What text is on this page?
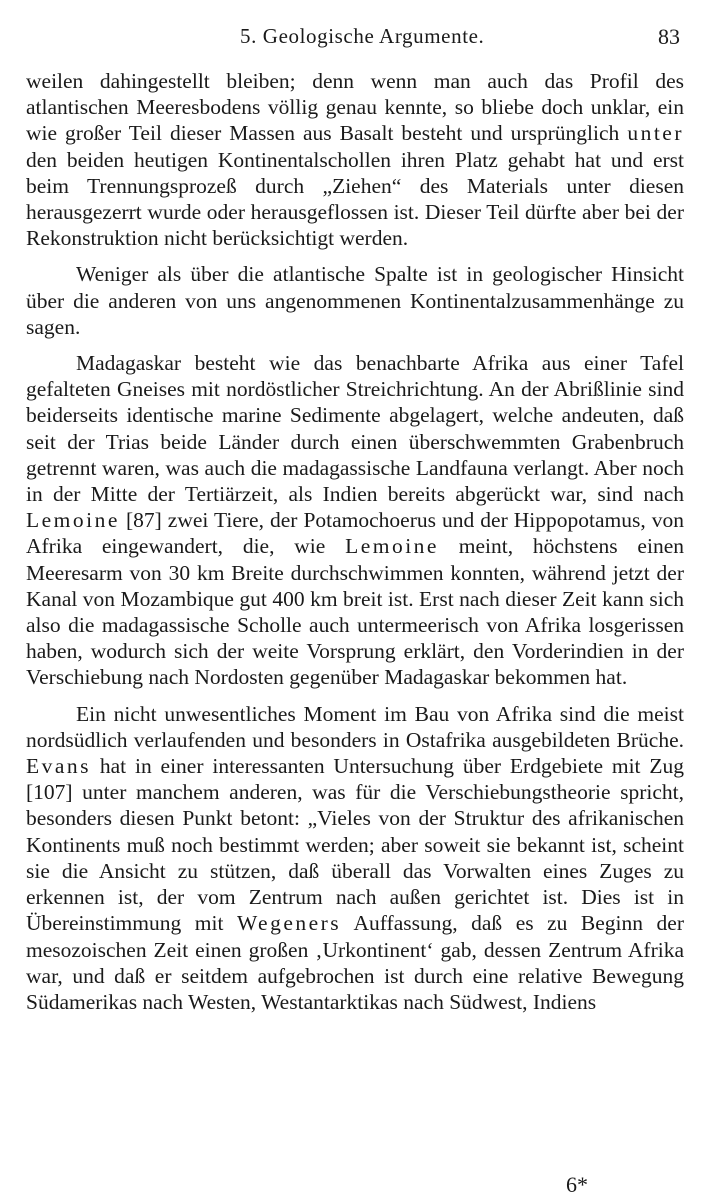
5. Geologische Argumente.	83

weilen dahingestellt bleiben; denn wenn man auch das Profil des atlantischen Meeresbodens völlig genau kennte, so bliebe doch unklar, ein wie großer Teil dieser Massen aus Basalt besteht und ursprünglich unter den beiden heutigen Kontinentalschollen ihren Platz gehabt hat und erst beim Trennungsprozeß durch „Ziehen“ des Materials unter diesen herausgezerrt wurde oder herausgeflossen ist. Dieser Teil dürfte aber bei der Rekonstruktion nicht berücksichtigt werden.

Weniger als über die atlantische Spalte ist in geologischer Hinsicht über die anderen von uns angenommenen Kontinentalzusammenhänge zu sagen.

Madagaskar besteht wie das benachbarte Afrika aus einer Tafel gefalteten Gneises mit nordöstlicher Streichrichtung. An der Abrißlinie sind beiderseits identische marine Sedimente abgelagert, welche andeuten, daß seit der Trias beide Länder durch einen überschwemmten Grabenbruch getrennt waren, was auch die madagassische Landfauna verlangt. Aber noch in der Mitte der Tertiärzeit, als Indien bereits abgerückt war, sind nach Lemoine [87] zwei Tiere, der Potamochoerus und der Hippopotamus, von Afrika eingewandert, die, wie Lemoine meint, höchstens einen Meeresarm von 30 km Breite durchschwimmen konnten, während jetzt der Kanal von Mozambique gut 400 km breit ist. Erst nach dieser Zeit kann sich also die madagassische Scholle auch untermeerisch von Afrika losgerissen haben, wodurch sich der weite Vorsprung erklärt, den Vorderindien in der Verschiebung nach Nordosten gegenüber Madagaskar bekommen hat.

Ein nicht unwesentliches Moment im Bau von Afrika sind die meist nordsüdlich verlaufenden und besonders in Ostafrika ausgebildeten Brüche. Evans hat in einer interessanten Untersuchung über Erdgebiete mit Zug [107] unter manchem anderen, was für die Verschiebungstheorie spricht, besonders diesen Punkt betont: „Vieles von der Struktur des afrikanischen Kontinents muß noch bestimmt werden; aber soweit sie bekannt ist, scheint sie die Ansicht zu stützen, daß überall das Vorwalten eines Zuges zu erkennen ist, der vom Zentrum nach außen gerichtet ist. Dies ist in Übereinstimmung mit Wegeners Auffassung, daß es zu Beginn der mesozoischen Zeit einen großen ‚Urkontinent‘ gab, dessen Zentrum Afrika war, und daß er seitdem aufgebrochen ist durch eine relative Bewegung Südamerikas nach Westen, Westantarktikas nach Südwest, Indiens

6*
